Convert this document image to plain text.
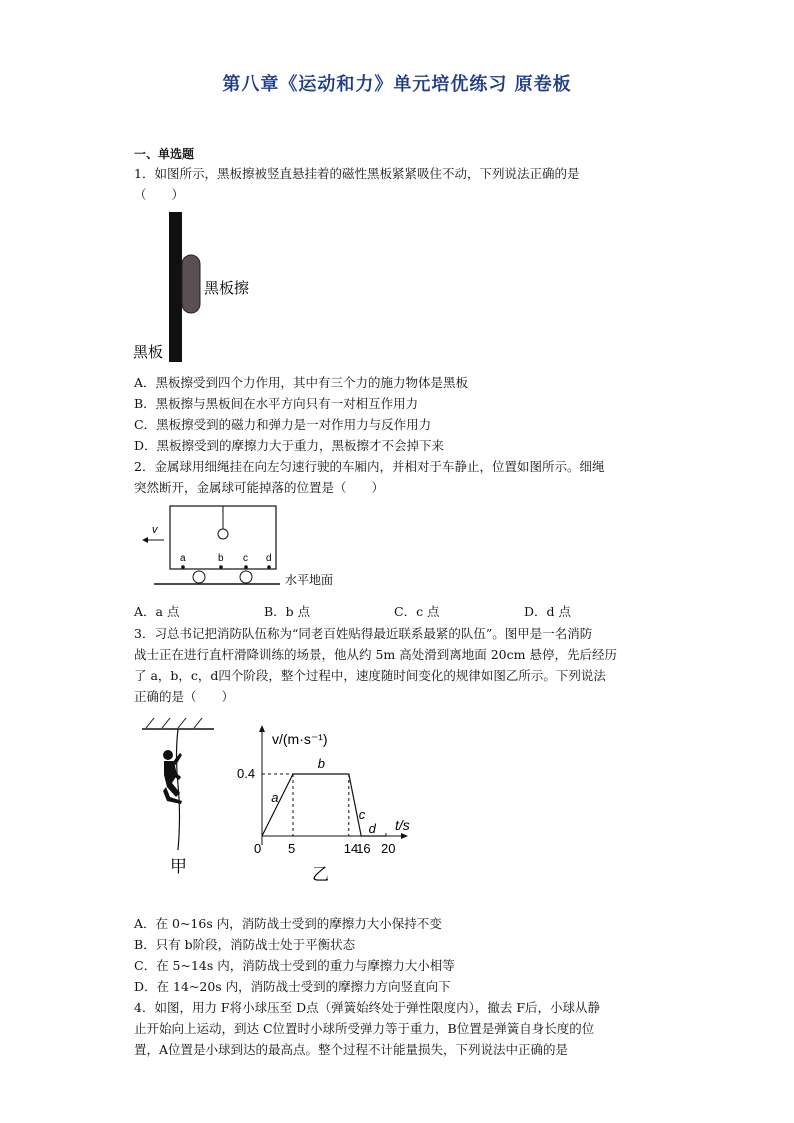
第八章《运动和力》单元培优练习 原卷板
一、单选题
1．如图所示，黑板擦被竖直悬挂着的磁性黑板紧紧吸住不动，下列说法正确的是
（　　）
黑板擦
黑板
A．黑板擦受到四个力作用，其中有三个力的施力物体是黑板
B．黑板擦与黑板间在水平方向只有一对相互作用力
C．黑板擦受到的磁力和弹力是一对作用力与反作用力
D．黑板擦受到的摩擦力大于重力，黑板擦才不会掉下来
2．金属球用细绳挂在向左匀速行驶的车厢内，并相对于车静止，位置如图所示。细绳
突然断开，金属球可能掉落的位置是（　　）
v
a	b c d
水平地面
A．a 点	B．b 点	C．c 点	D．d 点
3．习总书记把消防队伍称为“同老百姓贴得最近联系最紧的队伍”。图甲是一名消防
战士正在进行直杆滑降训练的场景，他从约 5m 高处滑到离地面 20cm 悬停，先后经历
了 a，b，c，d四个阶段，整个过程中，速度随时间变化的规律如图乙所示。下列说法
正确的是（　　）
甲
v/(m·s⁻¹)
t/s
0.4
0 5	14
16 20
a
b
c
d
乙
A．在 0~16s 内，消防战士受到的摩擦力大小保持不变
B．只有 b阶段，消防战士处于平衡状态
C．在 5~14s 内，消防战士受到的重力与摩擦力大小相等
D．在 14~20s 内，消防战士受到的摩擦力方向竖直向下
4．如图，用力 F将小球压至 D点（弹簧始终处于弹性限度内），撤去 F后，小球从静
止开始向上运动，到达 C位置时小球所受弹力等于重力，B位置是弹簧自身长度的位
置，A位置是小球到达的最高点。整个过程不计能量损失，下列说法中正确的是
